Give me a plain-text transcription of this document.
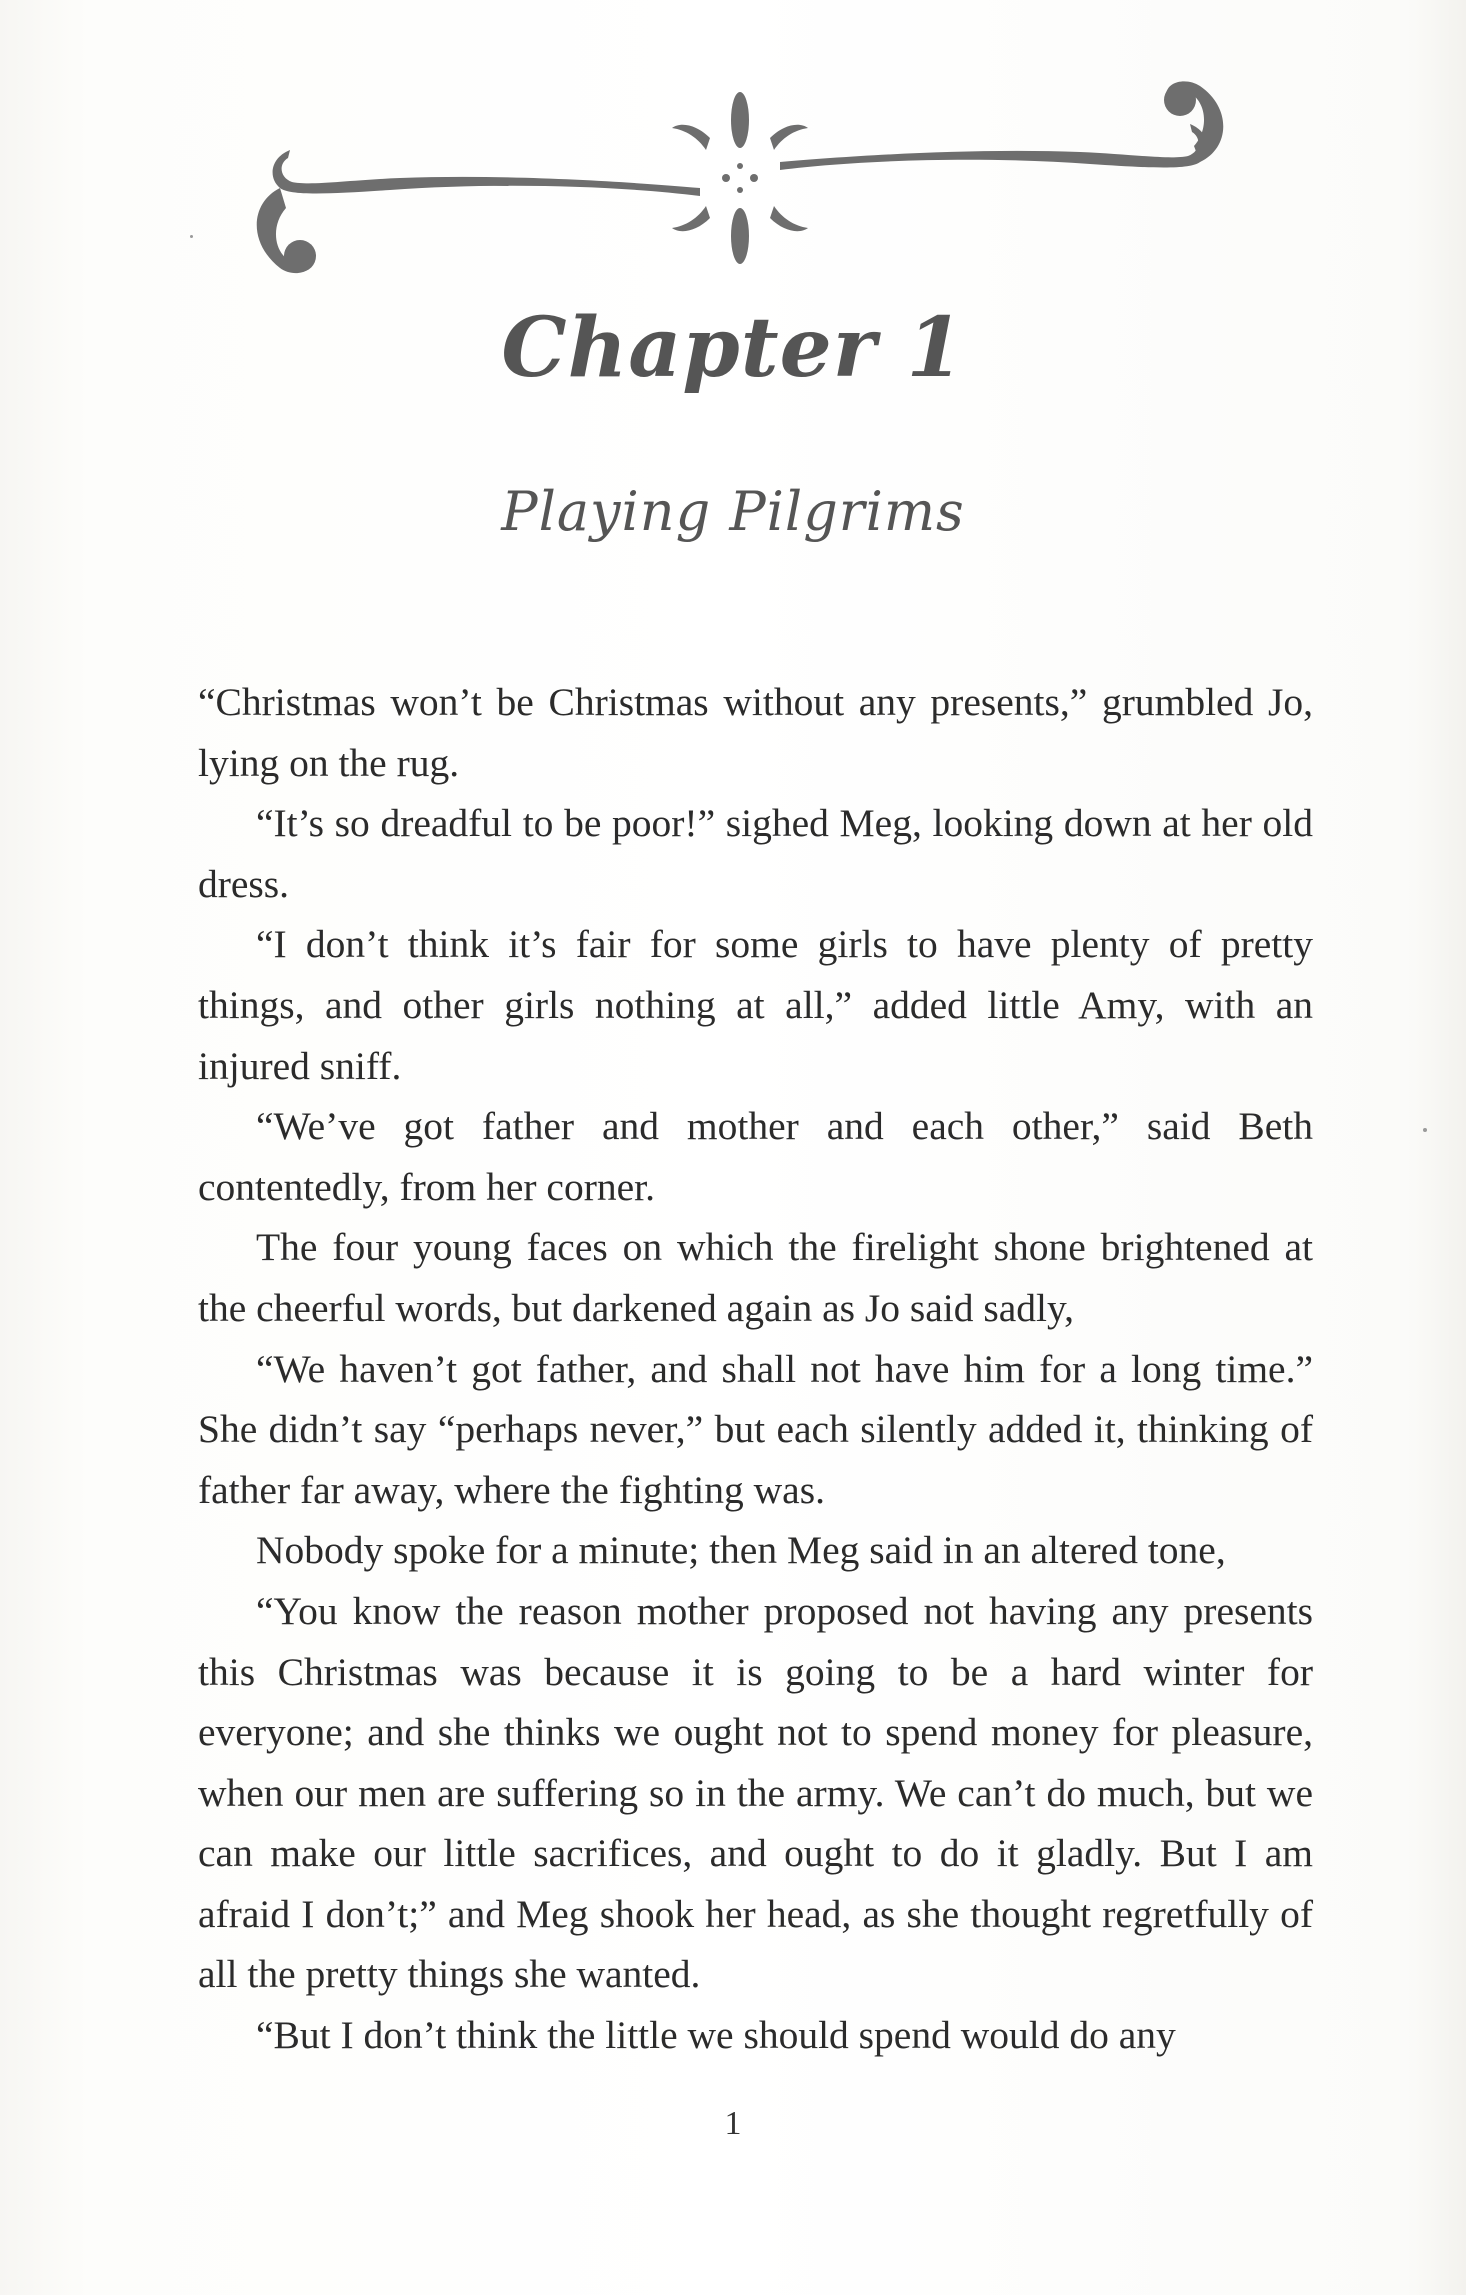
Chapter 1
Playing Pilgrims

“Christmas won’t be Christmas without any presents,” grumbled Jo, lying on the rug.

“It’s so dreadful to be poor!” sighed Meg, looking down at her old dress.

“I don’t think it’s fair for some girls to have plenty of pretty things, and other girls nothing at all,” added little Amy, with an injured sniff.

“We’ve got father and mother and each other,” said Beth contentedly, from her corner.

The four young faces on which the firelight shone brightened at the cheerful words, but darkened again as Jo said sadly,

“We haven’t got father, and shall not have him for a long time.” She didn’t say “perhaps never,” but each silently added it, thinking of father far away, where the fighting was.

Nobody spoke for a minute; then Meg said in an altered tone,

“You know the reason mother proposed not having any presents this Christmas was because it is going to be a hard winter for everyone; and she thinks we ought not to spend money for pleasure, when our men are suffering so in the army. We can’t do much, but we can make our little sacrifices, and ought to do it gladly. But I am afraid I don’t;” and Meg shook her head, as she thought regretfully of all the pretty things she wanted.

“But I don’t think the little we should spend would do any

1
